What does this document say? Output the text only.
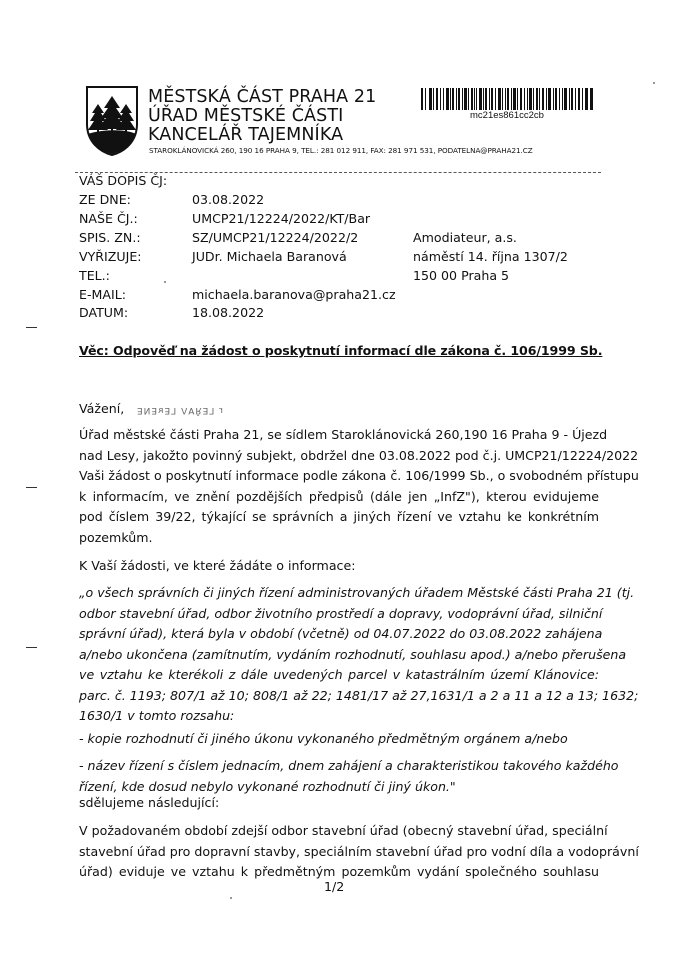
MĚSTSKÁ ČÁST PRAHA 21
ÚŘAD MĚSTSKÉ ČÁSTI
KANCELÁŘ TAJEMNÍKA
STAROKLÁNOVICKÁ 260, 190 16 PRAHA 9, TEL.: 281 012 911, FAX: 281 971 531, PODATELNA@PRAHA21.CZ
mc21es861cc2cb
VÁŠ DOPIS ČJ:
ZE DNE:
NAŠE ČJ.:
SPIS. ZN.:
VYŘIZUJE:
TEL.:
E-MAIL:
DATUM:
03.08.2022
UMCP21/12224/2022/KT/Bar
SZ/UMCP21/12224/2022/2
JUDr. Michaela Baranová
michaela.baranova@praha21.cz
18.08.2022
Amodiateur, a.s.
náměstí 14. října 1307/2
150 00 Praha 5
Věc: Odpověď na žádost o poskytnutí informací dle zákona č. 106/1999 Sb.
Vážení, ƎNƎᴚƎ⅂ ɅꓯŘƎ⅂ ɹ
Úřad městské části Praha 21, se sídlem Staroklánovická 260,190 16 Praha 9 - Újezd
nad Lesy, jakožto povinný subjekt, obdržel dne 03.08.2022 pod č.j. UMCP21/12224/2022
Vaši žádost o poskytnutí informace podle zákona č. 106/1999 Sb., o svobodném přístupu
k informacím, ve znění pozdějších předpisů (dále jen „InfZ"), kterou evidujeme
pod číslem 39/22, týkající se správních a jiných řízení ve vztahu ke konkrétním
pozemkům.
K Vaší žádosti, ve které žádáte o informace:
„o všech správních či jiných řízení administrovaných úřadem Městské části Praha 21 (tj.
odbor stavební úřad, odbor životního prostředí a dopravy, vodoprávní úřad, silniční
správní úřad), která byla v období (včetně) od 04.07.2022 do 03.08.2022 zahájena
a/nebo ukončena (zamítnutím, vydáním rozhodnutí, souhlasu apod.) a/nebo přerušena
ve vztahu ke kterékoli z dále uvedených parcel v katastrálním území Klánovice:
parc. č. 1193; 807/1 až 10; 808/1 až 22; 1481/17 až 27,1631/1 a 2 a 11 a 12 a 13; 1632;
1630/1 v tomto rozsahu:
- kopie rozhodnutí či jiného úkonu vykonaného předmětným orgánem a/nebo
- název řízení s číslem jednacím, dnem zahájení a charakteristikou takového každého
řízení, kde dosud nebylo vykonané rozhodnutí či jiný úkon."
sdělujeme následující:
V požadovaném období zdejší odbor stavební úřad (obecný stavební úřad, speciální
stavební úřad pro dopravní stavby, speciálním stavební úřad pro vodní díla a vodoprávní
úřad) eviduje ve vztahu k předmětným pozemkům vydání společného souhlasu
1/2
